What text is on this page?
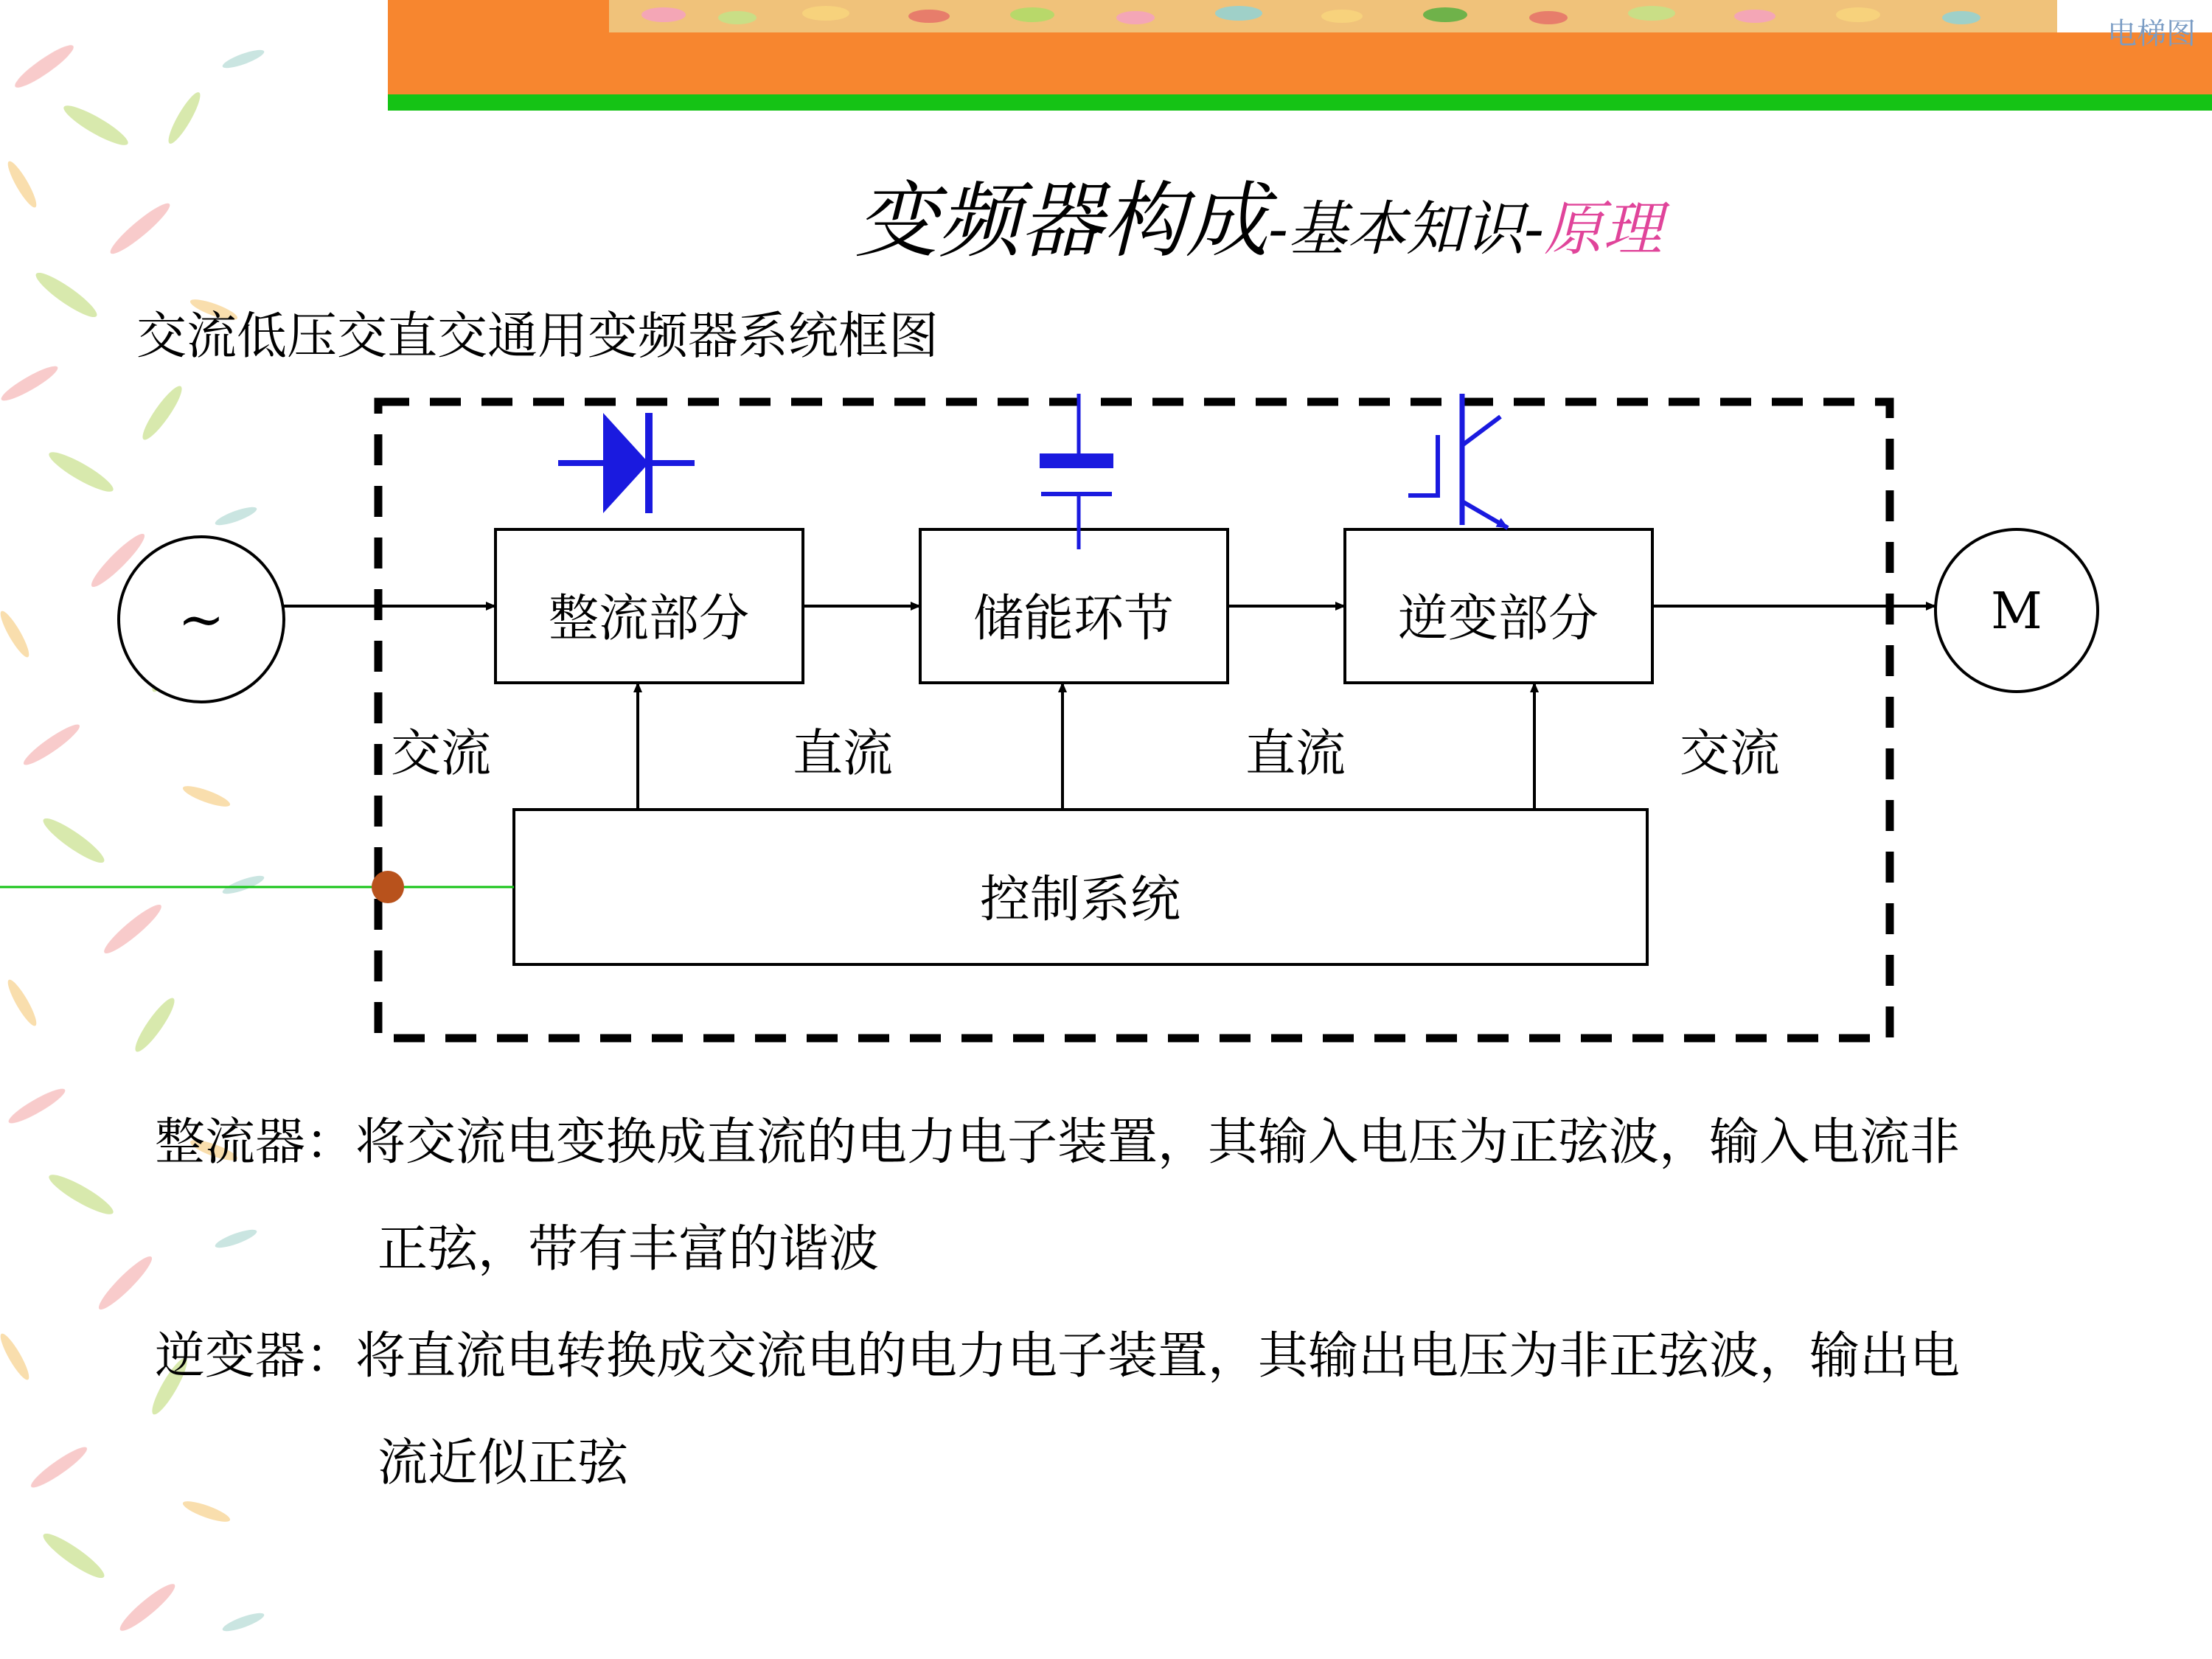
电梯图
变频器构成-基本知识-原理
交流低压交直交通用变频器系统框图
~	M
整流部分	储能环节	逆变部分
控制系统
交流	直流	直流	交流
整流器：将交流电变换成直流的电力电子装置，其输入电压为正弦波，输入电流非
正弦，带有丰富的谐波
逆变器：将直流电转换成交流电的电力电子装置，其输出电压为非正弦波，输出电
流近似正弦
